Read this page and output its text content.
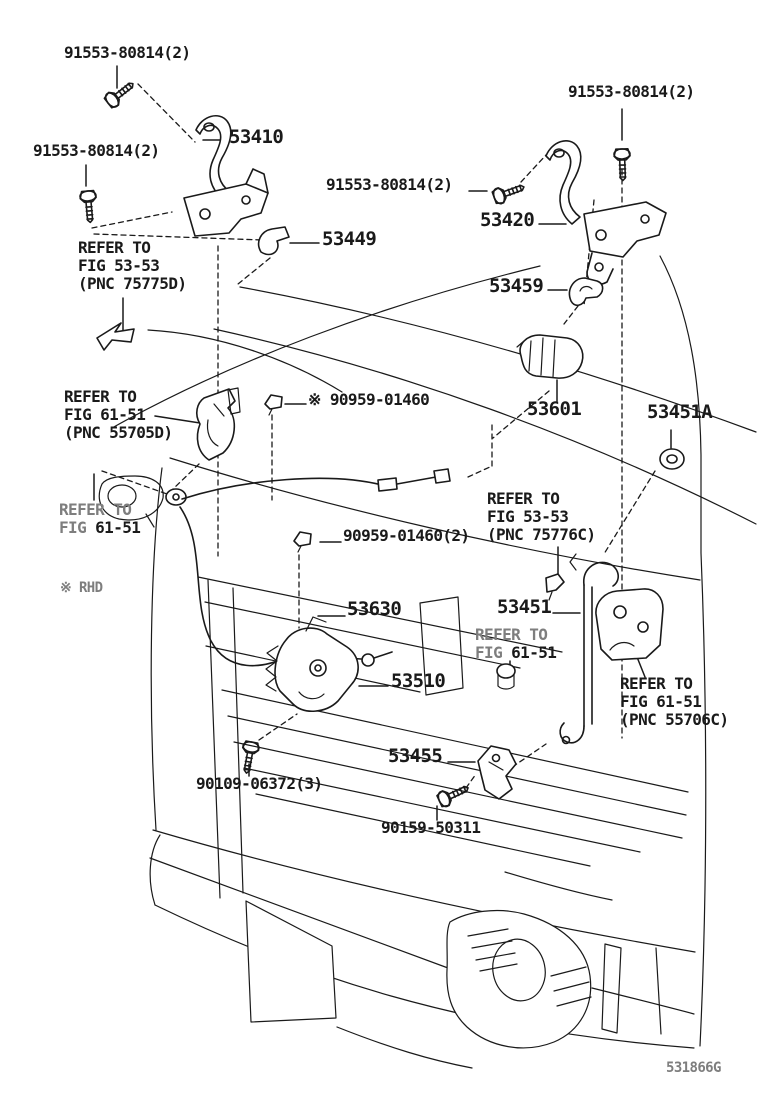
91553-80814(2)
91553-80814(2)
53410
91553-80814(2)
91553-80814(2)
53420
53449
53459
REFER TO
FIG 53-53
(PNC 75775D)
REFER TO
FIG 61-51
(PNC 55705D)
※ 90959-01460	53601	53451A
REFER TO
FIG 61-51
REFER TO
FIG 53-53
(PNC 75776C)
90959-01460(2)
※ RHD
53630	53451
REFER TO
FIG 61-51
53510	REFER TO
FIG 61-51
(PNC 55706C)
53455
90109-06372(3)
90159-50311
531866G
